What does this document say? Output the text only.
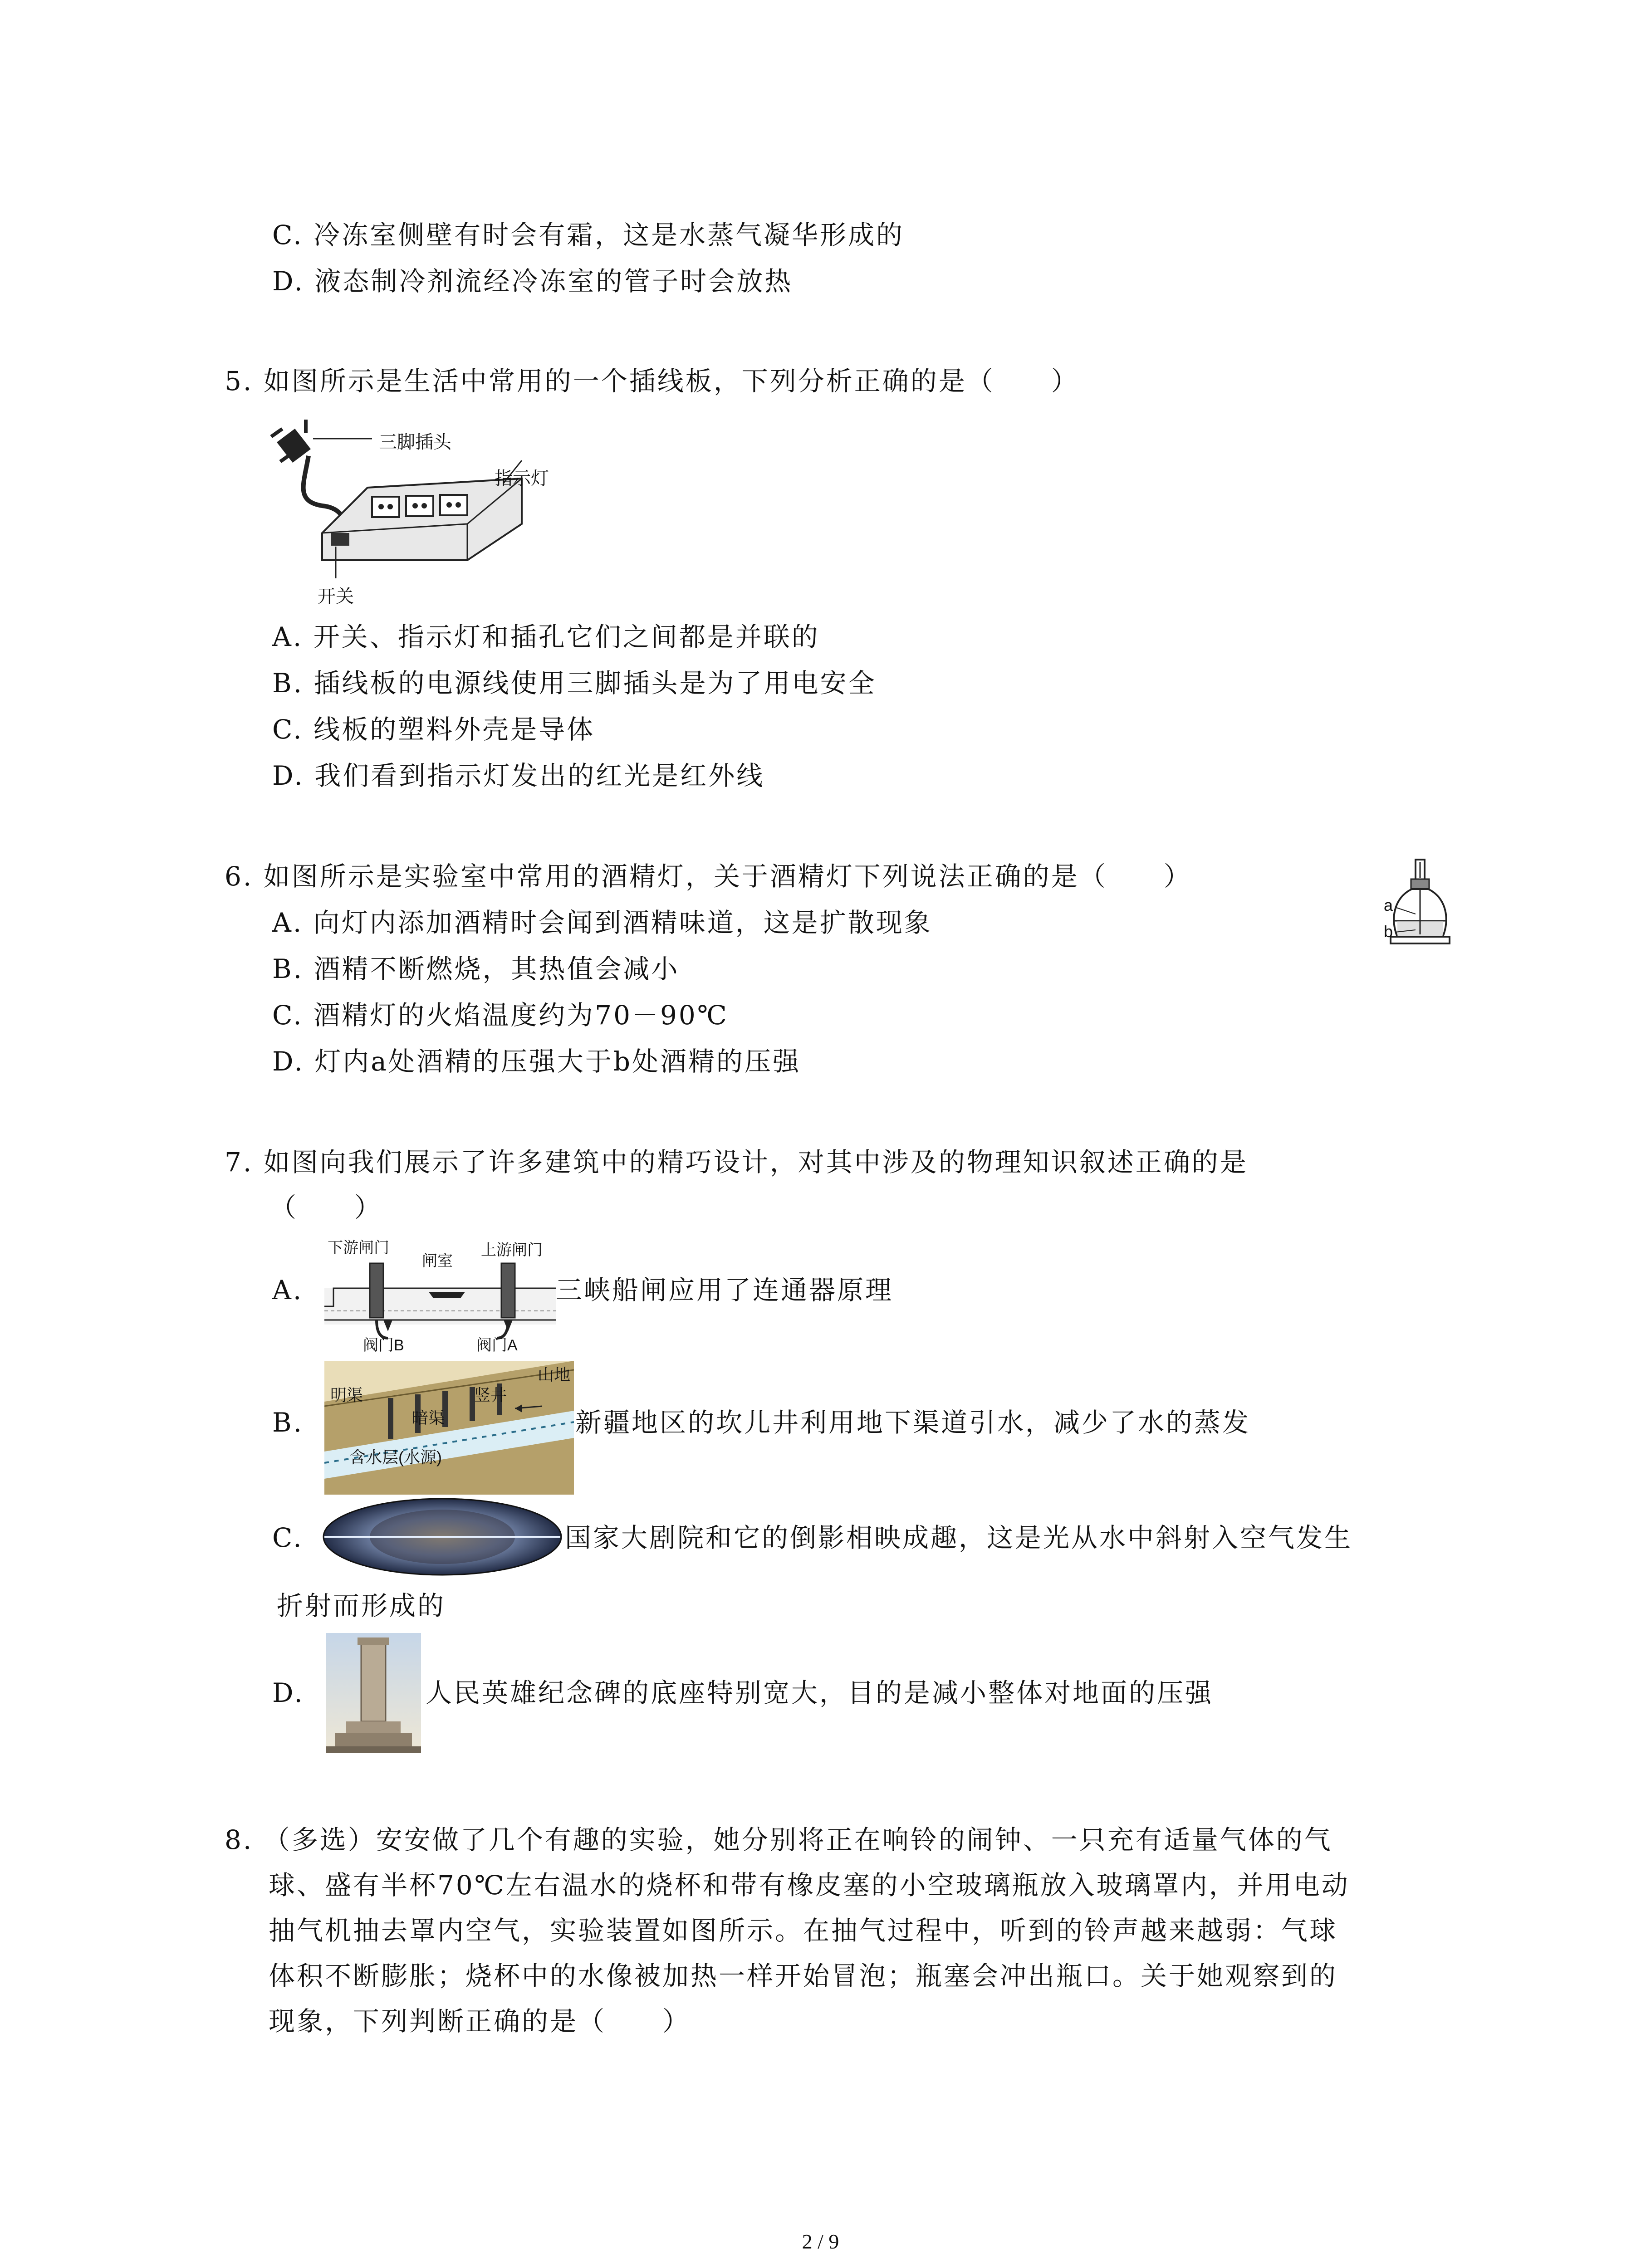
C. 冷冻室侧壁有时会有霜，这是水蒸气凝华形成的
D. 液态制冷剂流经冷冻室的管子时会放热
5. 如图所示是生活中常用的一个插线板，下列分析正确的是（　　）
三脚插头
指示灯
开关
A. 开关、指示灯和插孔它们之间都是并联的
B. 插线板的电源线使用三脚插头是为了用电安全
C. 线板的塑料外壳是导体
D. 我们看到指示灯发出的红光是红外线
6. 如图所示是实验室中常用的酒精灯，关于酒精灯下列说法正确的是（　　）
a
b
A. 向灯内添加酒精时会闻到酒精味道，这是扩散现象
B. 酒精不断燃烧，其热值会减小
C. 酒精灯的火焰温度约为70－90℃
D. 灯内a处酒精的压强大于b处酒精的压强
7. 如图向我们展示了许多建筑中的精巧设计，对其中涉及的物理知识叙述正确的是
（　　）
A.
下游闸门
闸室
上游闸门
阀门B	阀门A
三峡船闸应用了连通器原理
B.
明渠
暗渠
竖井
山地
含水层(水源)
新疆地区的坎儿井利用地下渠道引水，减少了水的蒸发
C.	国家大剧院和它的倒影相映成趣，这是光从水中斜射入空气发生
折射而形成的
D.	人民英雄纪念碑的底座特别宽大，目的是减小整体对地面的压强
8. （多选）安安做了几个有趣的实验，她分别将正在响铃的闹钟、一只充有适量气体的气
球、盛有半杯70℃左右温水的烧杯和带有橡皮塞的小空玻璃瓶放入玻璃罩内，并用电动
抽气机抽去罩内空气，实验装置如图所示。在抽气过程中，听到的铃声越来越弱：气球
体积不断膨胀；烧杯中的水像被加热一样开始冒泡；瓶塞会冲出瓶口。关于她观察到的
现象，下列判断正确的是（　　）
2 / 9
